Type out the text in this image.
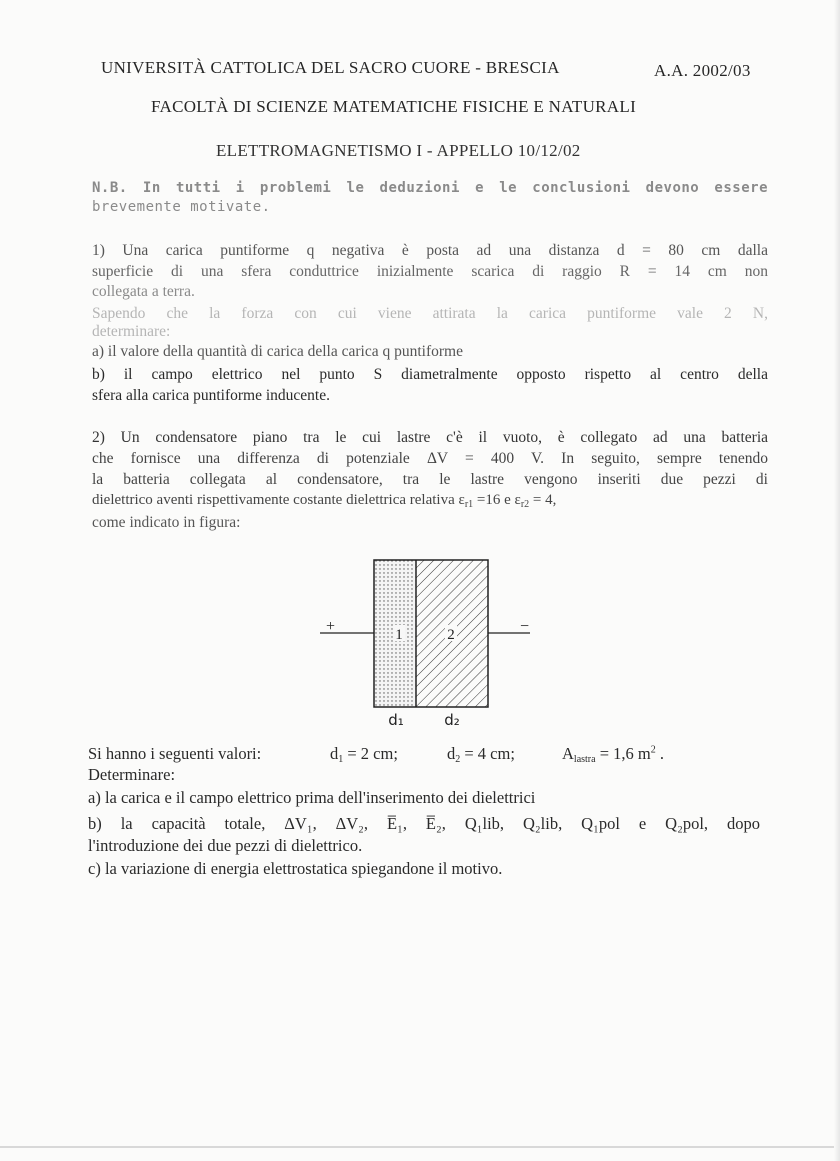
UNIVERSITÀ CATTOLICA DEL SACRO CUORE - BRESCIA	A.A. 2002/03
FACOLTÀ DI SCIENZE MATEMATICHE FISICHE E NATURALI
ELETTROMAGNETISMO I - APPELLO 10/12/02
N.B. In tutti i problemi le deduzioni e le conclusioni devono essere
brevemente motivate.
1) Una carica puntiforme q negativa è posta ad una distanza d = 80 cm dalla
superficie di una sfera conduttrice inizialmente scarica di raggio R = 14 cm non
collegata a terra.
Sapendo che la forza con cui viene attirata la carica puntiforme vale 2 N,
determinare:
a) il valore della quantità di carica della carica q puntiforme
b) il campo elettrico nel punto S diametralmente opposto rispetto al centro della
sfera alla carica puntiforme inducente.
2) Un condensatore piano tra le cui lastre c'è il vuoto, è collegato ad una batteria
che fornisce una differenza di potenziale ΔV = 400 V. In seguito, sempre tenendo
la batteria collegata al condensatore, tra le lastre vengono inseriti due pezzi di
dielettrico aventi rispettivamente costante dielettrica relativa $\varepsilon_{r1} =16$ e $\varepsilon_{r2} = 4$,
come indicato in figura:
1	2
+	−
d₁	d₂
Si hanno i seguenti valori:	$d_1 = 2$ cm;	$d_2 = 4$ cm;	$A_{lastra} = 1,6$ $m^2$ .
Determinare:
a) la carica e il campo elettrico prima dell'inserimento dei dielettrici
b) la capacità totale, ΔV₁, ΔV₂, E̅₁, E̅₂, Q₁lib, Q₂lib, Q₁pol e Q₂pol, dopo
l'introduzione dei due pezzi di dielettrico.
c) la variazione di energia elettrostatica spiegandone il motivo.
